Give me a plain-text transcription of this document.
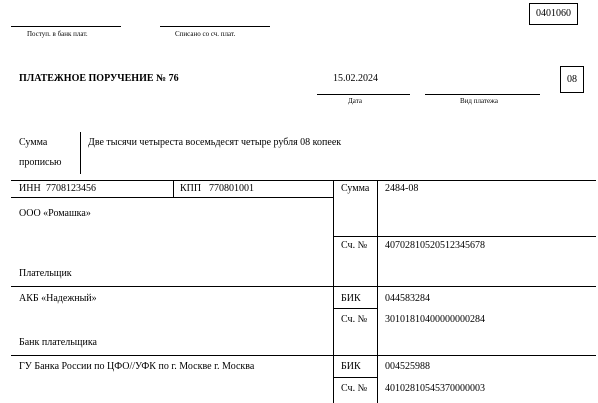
0401060
Поступ. в банк плат.	Списано со сч. плат.
ПЛАТЕЖНОЕ ПОРУЧЕНИЕ № 76	15.02.2024
Дата	Вид платежа
08
Сумма
прописью
Две тысячи четыреста восемьдесят четыре рубля 08 копеек
ИНН 7708123456	КПП 770801001	Сумма 2484-08
ООО «Ромашка»
Сч. № 40702810520512345678
Плательщик
АКБ «Надежный»	БИК 044583284
Сч. № 30101810400000000284
Банк плательщика
ГУ Банка России по ЦФО//УФК по г. Москве г. Москва	БИК 004525988
Сч. № 40102810545370000003
